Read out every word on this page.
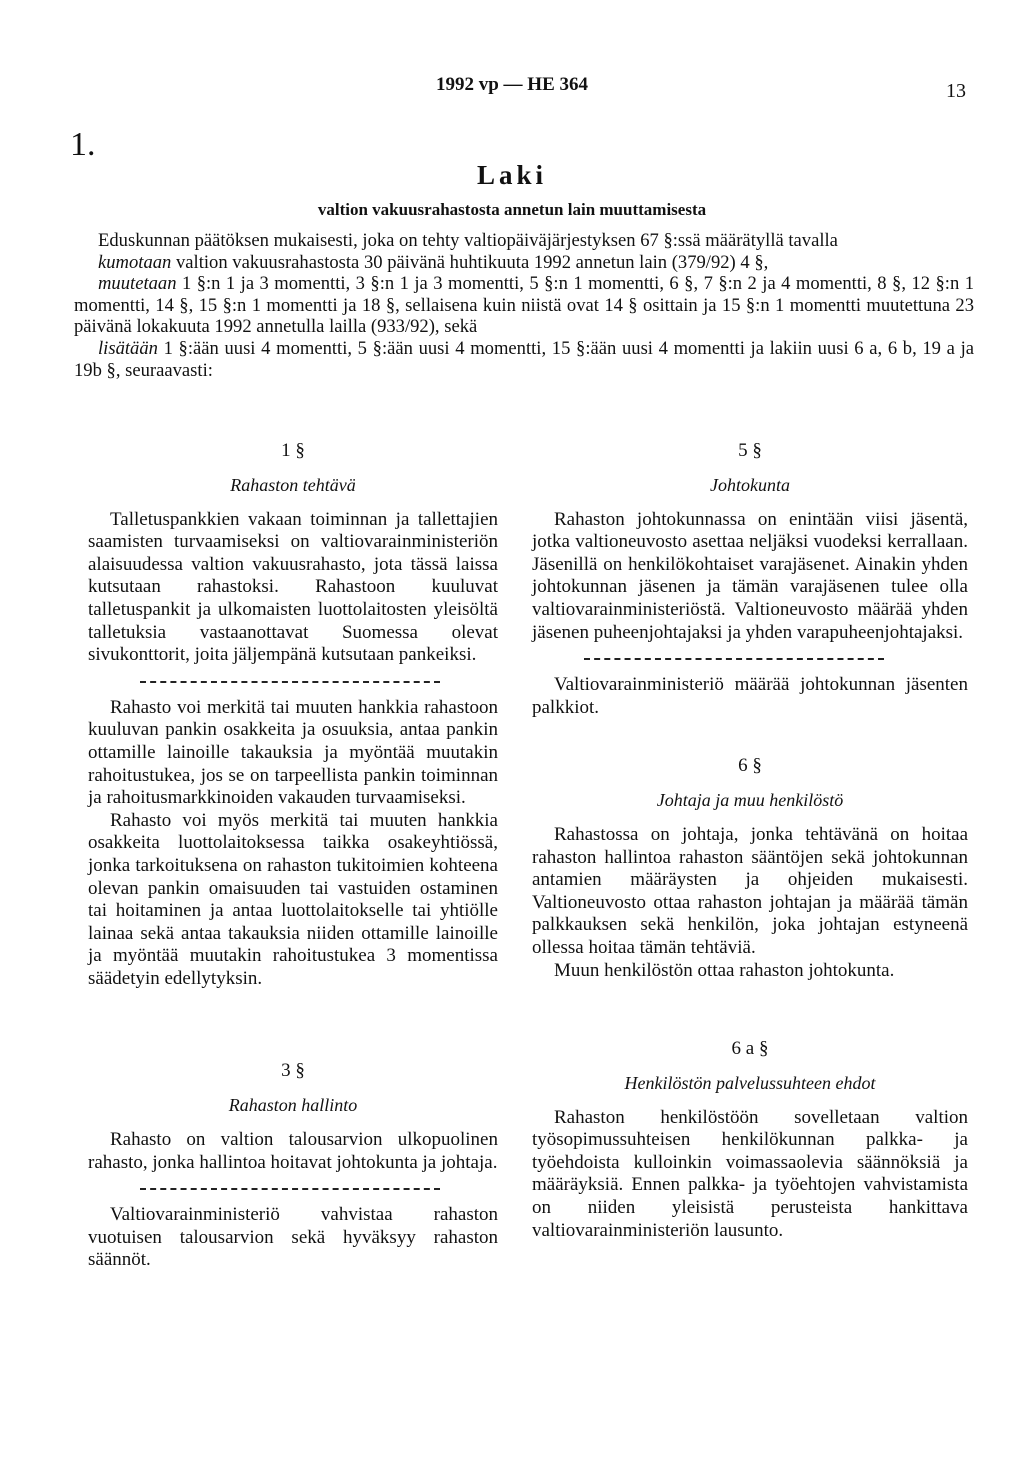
1992 vp — HE 364	13
1.
Laki
valtion vakuusrahastosta annetun lain muuttamisesta

Eduskunnan päätöksen mukaisesti, joka on tehty valtiopäiväjärjestyksen 67 §:ssä määrätyllä tavalla

kumotaan valtion vakuusrahastosta 30 päivänä huhtikuuta 1992 annetun lain (379/92) 4 §,

muutetaan 1 §:n 1 ja 3 momentti, 3 §:n 1 ja 3 momentti, 5 §:n 1 momentti, 6 §, 7 §:n 2 ja 4 momentti, 8 §, 12 §:n 1 momentti, 14 §, 15 §:n 1 momentti ja 18 §, sellaisena kuin niistä ovat 14 § osittain ja 15 §:n 1 momentti muutettuna 23 päivänä lokakuuta 1992 annetulla lailla (933/92), sekä

lisätään 1 §:ään uusi 4 momentti, 5 §:ään uusi 4 momentti, 15 §:ään uusi 4 momentti ja lakiin uusi 6 a, 6 b, 19 a ja 19b §, seuraavasti:

1 §
Rahaston tehtävä

Talletuspankkien vakaan toiminnan ja tallettajien saamisten turvaamiseksi on valtiovarainministeriön alaisuudessa valtion vakuusrahasto, jota tässä laissa kutsutaan rahastoksi. Rahastoon kuuluvat talletuspankit ja ulkomaisten luottolaitosten yleisöltä talletuksia vastaanottavat Suomessa olevat sivukonttorit, joita jäljempänä kutsutaan pankeiksi.

Rahasto voi merkitä tai muuten hankkia rahastoon kuuluvan pankin osakkeita ja osuuksia, antaa pankin ottamille lainoille takauksia ja myöntää muutakin rahoitustukea, jos se on tarpeellista pankin toiminnan ja rahoitusmarkkinoiden vakauden turvaamiseksi.

Rahasto voi myös merkitä tai muuten hankkia osakkeita luottolaitoksessa taikka osakeyhtiössä, jonka tarkoituksena on rahaston tukitoimien kohteena olevan pankin omaisuuden tai vastuiden ostaminen tai hoitaminen ja antaa luottolaitokselle tai yhtiölle lainaa sekä antaa takauksia niiden ottamille lainoille ja myöntää muutakin rahoitustukea 3 momentissa säädetyin edellytyksin.

3 §
Rahaston hallinto

Rahasto on valtion talousarvion ulkopuolinen rahasto, jonka hallintoa hoitavat johtokunta ja johtaja.

Valtiovarainministeriö vahvistaa rahaston vuotuisen talousarvion sekä hyväksyy rahaston säännöt.

5 §
Johtokunta

Rahaston johtokunnassa on enintään viisi jäsentä, jotka valtioneuvosto asettaa neljäksi vuodeksi kerrallaan. Jäsenillä on henkilökohtaiset varajäsenet. Ainakin yhden johtokunnan jäsenen ja tämän varajäsenen tulee olla valtiovarainministeriöstä. Valtioneuvosto määrää yhden jäsenen puheenjohtajaksi ja yhden varapuheenjohtajaksi.

Valtiovarainministeriö määrää johtokunnan jäsenten palkkiot.

6 §
Johtaja ja muu henkilöstö

Rahastossa on johtaja, jonka tehtävänä on hoitaa rahaston hallintoa rahaston sääntöjen sekä johtokunnan antamien määräysten ja ohjeiden mukaisesti. Valtioneuvosto ottaa rahaston johtajan ja määrää tämän palkkauksen sekä henkilön, joka johtajan estyneenä ollessa hoitaa tämän tehtäviä.

Muun henkilöstön ottaa rahaston johtokunta.

6 a §
Henkilöstön palvelussuhteen ehdot

Rahaston henkilöstöön sovelletaan valtion työsopimussuhteisen henkilökunnan palkka- ja työehdoista kulloinkin voimassaolevia säännöksiä ja määräyksiä. Ennen palkka- ja työehtojen vahvistamista on niiden yleisistä perusteista hankittava valtiovarainministeriön lausunto.
